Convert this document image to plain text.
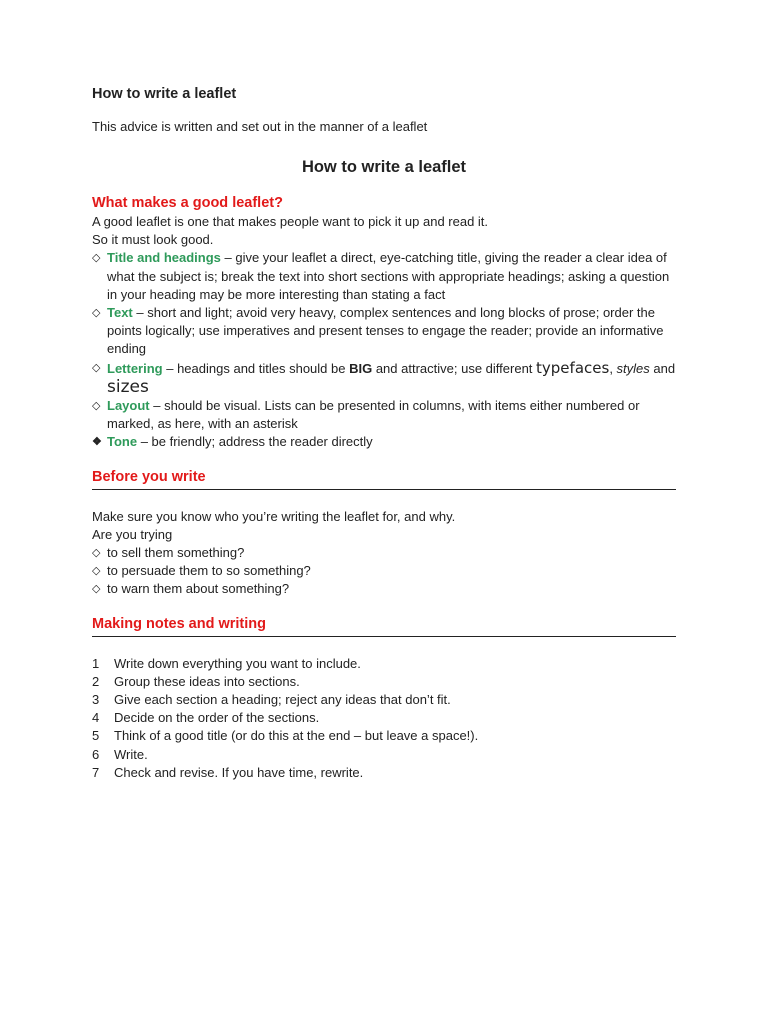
How to write a leaflet

This advice is written and set out in the manner of a leaflet

How to write a leaflet

What makes a good leaflet?

A good leaflet is one that makes people want to pick it up and read it.

So it must look good.

◇ Title and headings – give your leaflet a direct, eye-catching title, giving the reader a clear idea of what the subject is; break the text into short sections with appropriate headings; asking a question in your heading may be more interesting than stating a fact
◇ Text – short and light; avoid very heavy, complex sentences and long blocks of prose; order the points logically; use imperatives and present tenses to engage the reader; provide an informative ending
◇ Lettering – headings and titles should be BIG and attractive; use different typefaces, styles and sizes
◇ Layout – should be visual. Lists can be presented in columns, with items either numbered or marked, as here, with an asterisk
❖ Tone – be friendly; address the reader directly

Before you write

Make sure you know who you’re writing the leaflet for, and why.

Are you trying

◇ to sell them something?
◇ to persuade them to so something?
◇ to warn them about something?

Making notes and writing

1	Write down everything you want to include.
2	Group these ideas into sections.
3	Give each section a heading; reject any ideas that don’t fit.
4	Decide on the order of the sections.
5	Think of a good title (or do this at the end – but leave a space!).
6	Write.
7	Check and revise. If you have time, rewrite.
